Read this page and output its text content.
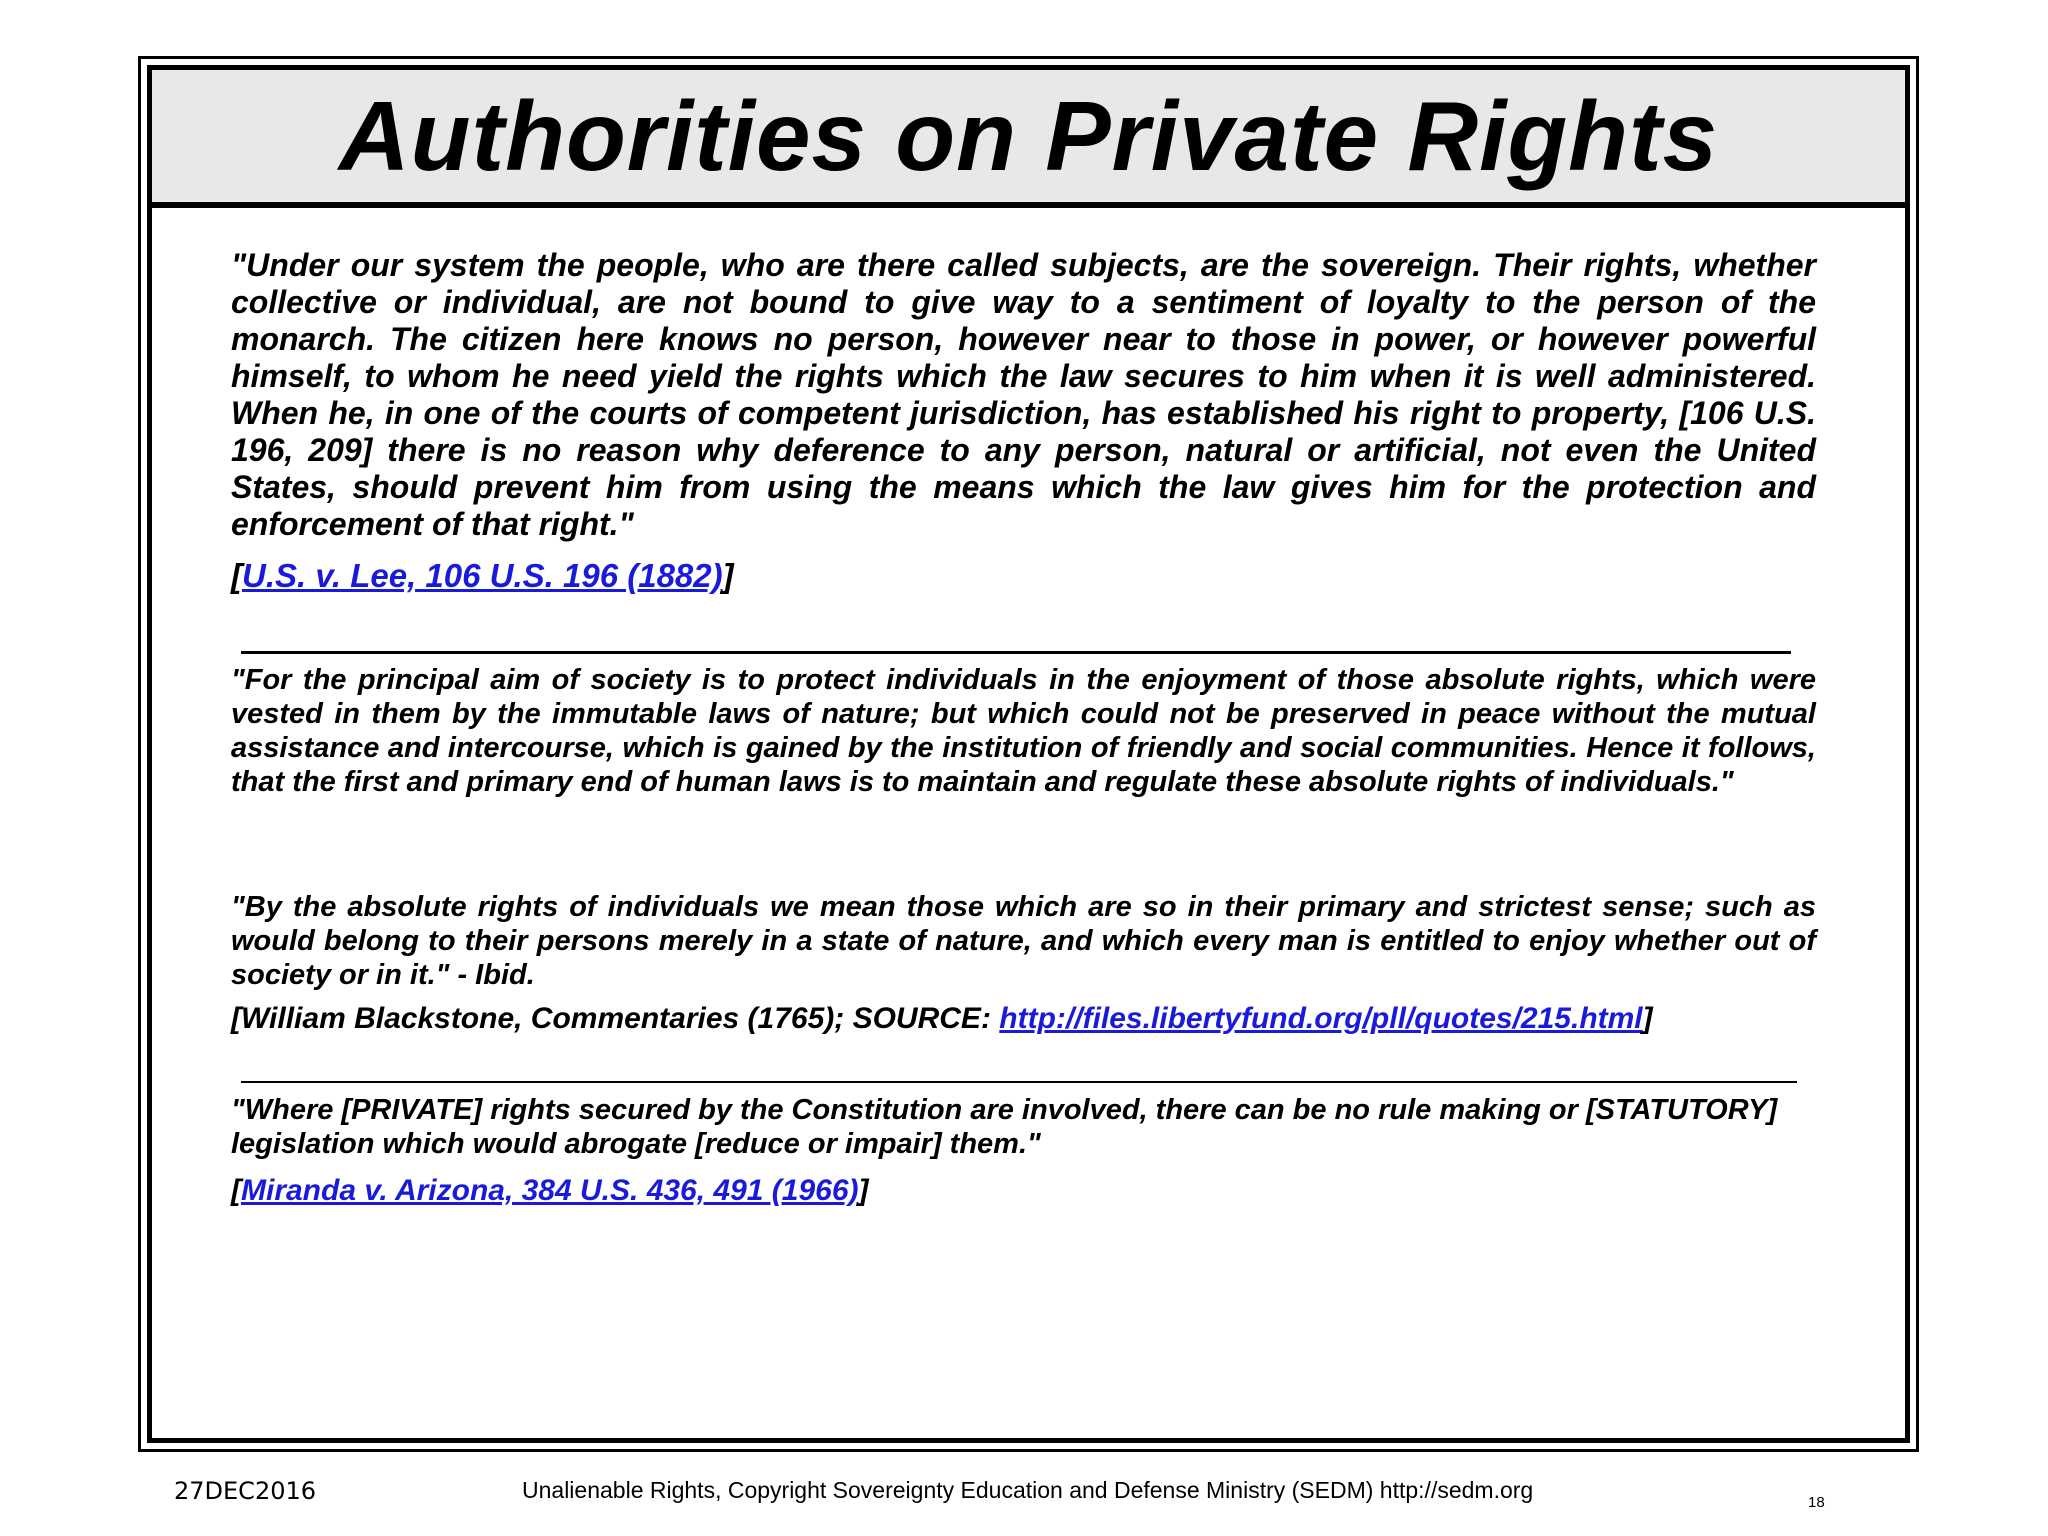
Authorities on Private Rights

"Under our system the people, who are there called subjects, are the sovereign. Their rights, whether collective or individual, are not bound to give way to a sentiment of loyalty to the person of the monarch. The citizen here knows no person, however near to those in power, or however powerful himself, to whom he need yield the rights which the law secures to him when it is well administered. When he, in one of the courts of competent jurisdiction, has established his right to property, [106 U.S. 196, 209] there is no reason why deference to any person, natural or artificial, not even the United States, should prevent him from using the means which the law gives him for the protection and enforcement of that right."

[U.S. v. Lee, 106 U.S. 196 (1882)]

"For the principal aim of society is to protect individuals in the enjoyment of those absolute rights, which were vested in them by the immutable laws of nature; but which could not be preserved in peace without the mutual assistance and intercourse, which is gained by the institution of friendly and social communities. Hence it follows, that the first and primary end of human laws is to maintain and regulate these absolute rights of individuals."

"By the absolute rights of individuals we mean those which are so in their primary and strictest sense; such as would belong to their persons merely in a state of nature, and which every man is entitled to enjoy whether out of society or in it." - Ibid.

[William Blackstone, Commentaries (1765); SOURCE: http://files.libertyfund.org/pll/quotes/215.html]

"Where [PRIVATE] rights secured by the Constitution are involved, there can be no rule making or [STATUTORY] legislation which would abrogate [reduce or impair] them."

[Miranda v. Arizona, 384 U.S. 436, 491 (1966)]
27DEC2016	Unalienable Rights, Copyright Sovereignty Education and Defense Ministry (SEDM) http://sedm.org	18
